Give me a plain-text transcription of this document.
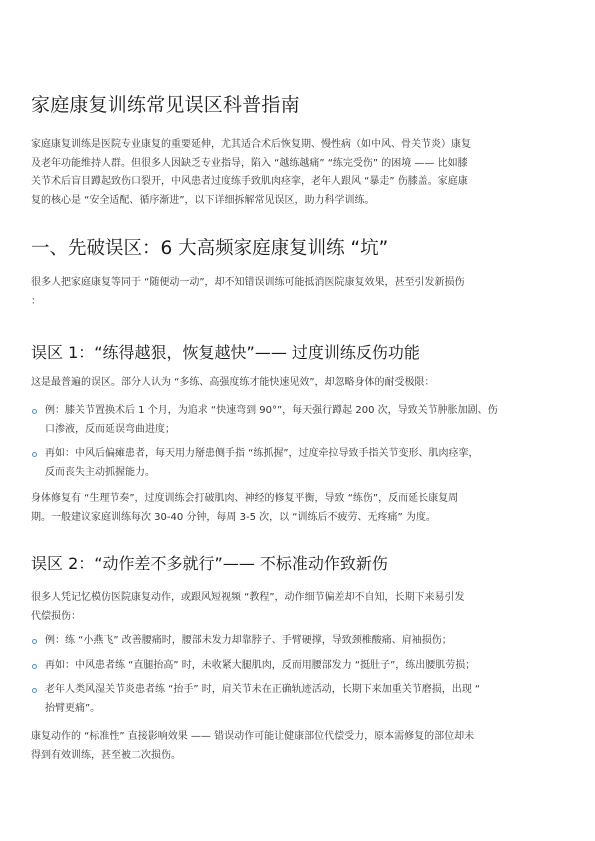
家庭康复训练常见误区科普指南

家庭康复训练是医院专业康复的重要延伸，尤其适合术后恢复期、慢性病（如中风、骨关节炎）康复
及老年功能维持人群。但很多人因缺乏专业指导，陷入 “越练越痛” “练完受伤” 的困境 —— 比如膝
关节术后盲目蹲起致伤口裂开，中风患者过度练手致肌肉痉挛，老年人跟风 “暴走” 伤膝盖。家庭康
复的核心是 “安全适配、循序渐进”，以下详细拆解常见误区，助力科学训练。

一、先破误区：6 大高频家庭康复训练 “坑”

很多人把家庭康复等同于 “随便动一动”，却不知错误训练可能抵消医院康复效果，甚至引发新损伤
：

误区 1：“练得越狠，恢复越快”—— 过度训练反伤功能

这是最普遍的误区。部分人认为 “多练、高强度练才能快速见效”，却忽略身体的耐受极限：

例：膝关节置换术后 1 个月，为追求 “快速弯到 90°”，每天强行蹲起 200 次，导致关节肿胀加剧、伤
口渗液，反而延误弯曲进度；
再如：中风后偏瘫患者，每天用力掰患侧手指 “练抓握”，过度牵拉导致手指关节变形、肌肉痉挛，
反而丧失主动抓握能力。

身体修复有 “生理节奏”，过度训练会打破肌肉、神经的修复平衡，导致 “练伤”，反而延长康复周
期。一般建议家庭训练每次 30-40 分钟，每周 3-5 次，以 “训练后不疲劳、无疼痛” 为度。

误区 2：“动作差不多就行”—— 不标准动作致新伤

很多人凭记忆模仿医院康复动作，或跟风短视频 “教程”，动作细节偏差却不自知，长期下来易引发
代偿损伤：

例：练 “小燕飞” 改善腰痛时，腰部未发力却靠脖子、手臂硬撑，导致颈椎酸痛、肩袖损伤；
再如：中风患者练 “直腿抬高” 时，未收紧大腿肌肉，反而用腰部发力 “挺肚子”，练出腰肌劳损；
老年人类风湿关节炎患者练 “抬手” 时，肩关节未在正确轨迹活动，长期下来加重关节磨损，出现 “
抬臂更痛”。

康复动作的 “标准性” 直接影响效果 —— 错误动作可能让健康部位代偿受力，原本需修复的部位却未
得到有效训练，甚至被二次损伤。
